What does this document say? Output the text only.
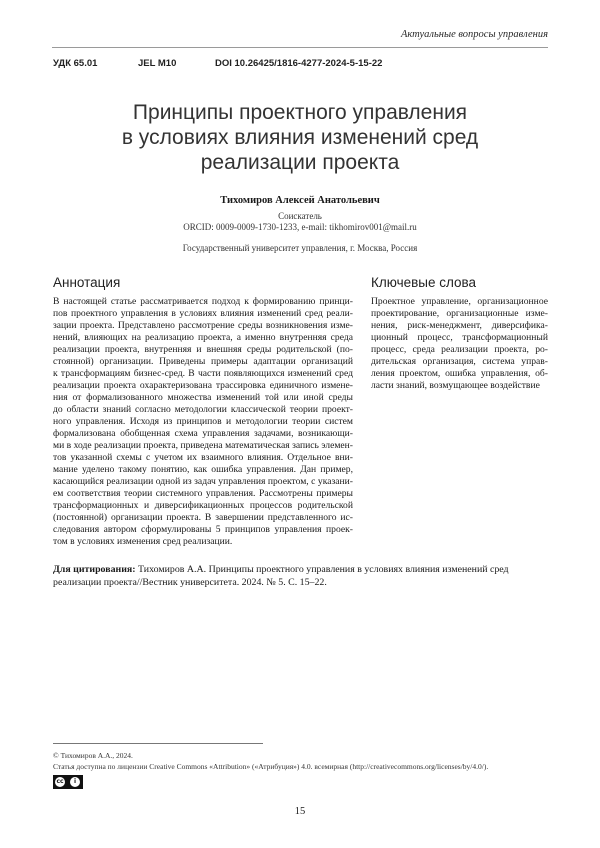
Актуальные вопросы управления
УДК 65.01	JEL M10	DOI 10.26425/1816-4277-2024-5-15-22
Принципы проектного управления
в условиях влияния изменений сред
реализации проекта
Тихомиров Алексей Анатольевич
Соискатель
ORCID: 0009-0009-1730-1233, e-mail: tikhomirov001@mail.ru
Государственный университет управления, г. Москва, Россия
Аннотация	Ключевые слова
В настоящей статье рассматривается подход к формированию принци-
пов проектного управления в условиях влияния изменений сред реали-
зации проекта. Представлено рассмотрение среды возникновения изме-
нений, влияющих на реализацию проекта, а именно внутренняя среда
реализации проекта, внутренняя и внешняя среды родительской (по-
стоянной) организации. Приведены примеры адаптации организаций
к трансформациям бизнес-сред. В части появляющихся изменений сред
реализации проекта охарактеризована трассировка единичного измене-
ния от формализованного множества изменений той или иной среды
до области знаний согласно методологии классической теории проект-
ного управления. Исходя из принципов и методологии теории систем
формализована обобщенная схема управления задачами, возникающи-
ми в ходе реализации проекта, приведена математическая запись элемен-
тов указанной схемы с учетом их взаимного влияния. Отдельное вни-
мание уделено такому понятию, как ошибка управления. Дан пример,
касающийся реализации одной из задач управления проектом, с указани-
ем соответствия теории системного управления. Рассмотрены примеры
трансформационных и диверсификационных процессов родительской
(постоянной) организации проекта. В завершении представленного ис-
следования автором сформулированы 5 принципов управления проек-
том в условиях изменения сред реализации.
Проектное управление, организационное
проектирование, организационные изме-
нения, риск-менеджмент, диверсифика-
ционный процесс, трансформационный
процесс, среда реализации проекта, ро-
дительская организация, система управ-
ления проектом, ошибка управления, об-
ласти знаний, возмущающее воздействие
Для цитирования: Тихомиров А.А. Принципы проектного управления в условиях влияния изменений сред
реализации проекта//Вестник университета. 2024. № 5. С. 15–22.
© Тихомиров А.А., 2024.
Статья доступна по лицензии Creative Commons «Attribution» («Атрибуция») 4.0. всемирная (http://creativecommons.org/licenses/by/4.0/).
cc	i
15
